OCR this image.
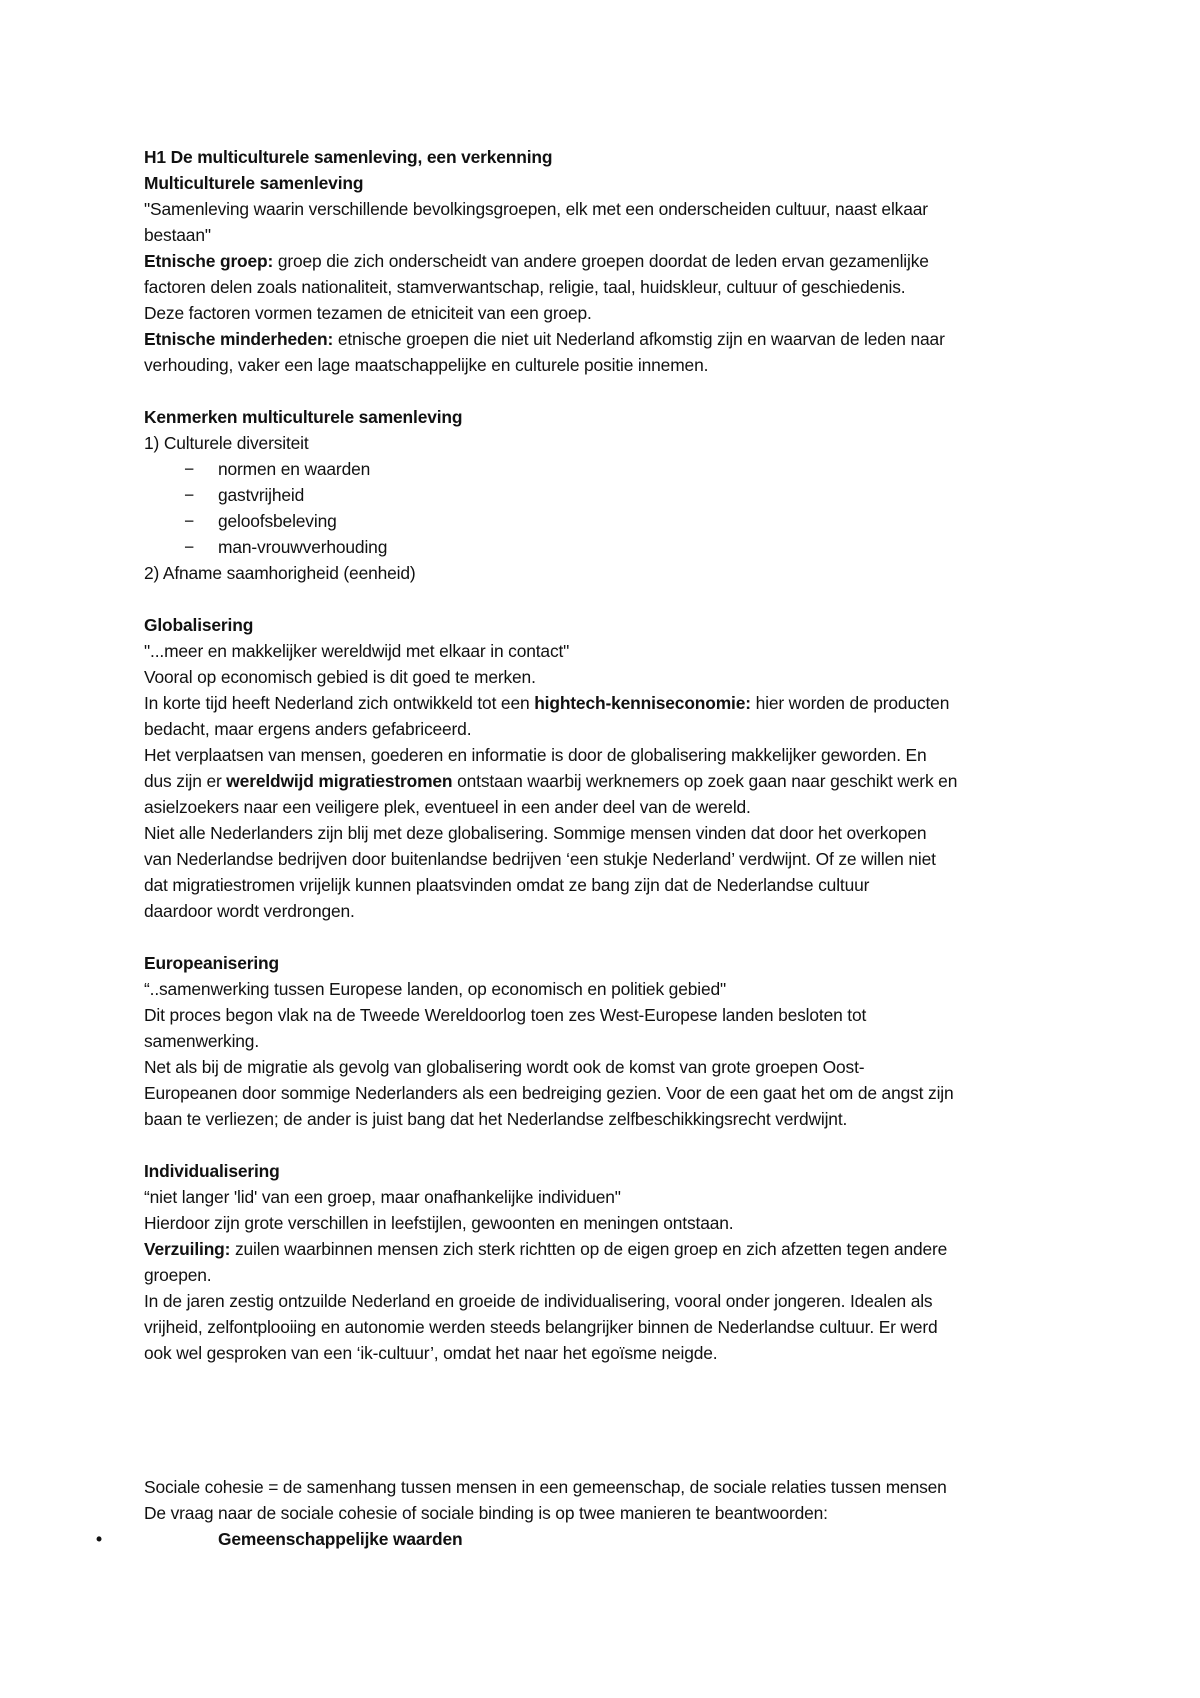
H1 De multiculturele samenleving, een verkenning
Multiculturele samenleving
"Samenleving waarin verschillende bevolkingsgroepen, elk met een onderscheiden cultuur, naast elkaar
bestaan"
Etnische groep: groep die zich onderscheidt van andere groepen doordat de leden ervan gezamenlijke
factoren delen zoals nationaliteit, stamverwantschap, religie, taal, huidskleur, cultuur of geschiedenis.
Deze factoren vormen tezamen de etniciteit van een groep.
Etnische minderheden: etnische groepen die niet uit Nederland afkomstig zijn en waarvan de leden naar
verhouding, vaker een lage maatschappelijke en culturele positie innemen.
Kenmerken multiculturele samenleving
1) Culturele diversiteit
− normen en waarden
− gastvrijheid
− geloofsbeleving
− man-vrouwverhouding
2) Afname saamhorigheid (eenheid)
Globalisering
"...meer en makkelijker wereldwijd met elkaar in contact"
Vooral op economisch gebied is dit goed te merken.
In korte tijd heeft Nederland zich ontwikkeld tot een hightech-kenniseconomie: hier worden de producten
bedacht, maar ergens anders gefabriceerd.
Het verplaatsen van mensen, goederen en informatie is door de globalisering makkelijker geworden. En
dus zijn er wereldwijd migratiestromen ontstaan waarbij werknemers op zoek gaan naar geschikt werk en
asielzoekers naar een veiligere plek, eventueel in een ander deel van de wereld.
Niet alle Nederlanders zijn blij met deze globalisering. Sommige mensen vinden dat door het overkopen
van Nederlandse bedrijven door buitenlandse bedrijven ‘een stukje Nederland’ verdwijnt. Of ze willen niet
dat migratiestromen vrijelijk kunnen plaatsvinden omdat ze bang zijn dat de Nederlandse cultuur
daardoor wordt verdrongen.
Europeanisering
“..samenwerking tussen Europese landen, op economisch en politiek gebied"
Dit proces begon vlak na de Tweede Wereldoorlog toen zes West-Europese landen besloten tot
samenwerking.
Net als bij de migratie als gevolg van globalisering wordt ook de komst van grote groepen Oost-
Europeanen door sommige Nederlanders als een bedreiging gezien. Voor de een gaat het om de angst zijn
baan te verliezen; de ander is juist bang dat het Nederlandse zelfbeschikkingsrecht verdwijnt.
Individualisering
“niet langer 'lid' van een groep, maar onafhankelijke individuen"
Hierdoor zijn grote verschillen in leefstijlen, gewoonten en meningen ontstaan.
Verzuiling: zuilen waarbinnen mensen zich sterk richtten op de eigen groep en zich afzetten tegen andere
groepen.
In de jaren zestig ontzuilde Nederland en groeide de individualisering, vooral onder jongeren. Idealen als
vrijheid, zelfontplooiing en autonomie werden steeds belangrijker binnen de Nederlandse cultuur. Er werd
ook wel gesproken van een ‘ik-cultuur’, omdat het naar het egoïsme neigde.
Sociale cohesie = de samenhang tussen mensen in een gemeenschap, de sociale relaties tussen mensen
De vraag naar de sociale cohesie of sociale binding is op twee manieren te beantwoorden:
•	Gemeenschappelijke waarden
